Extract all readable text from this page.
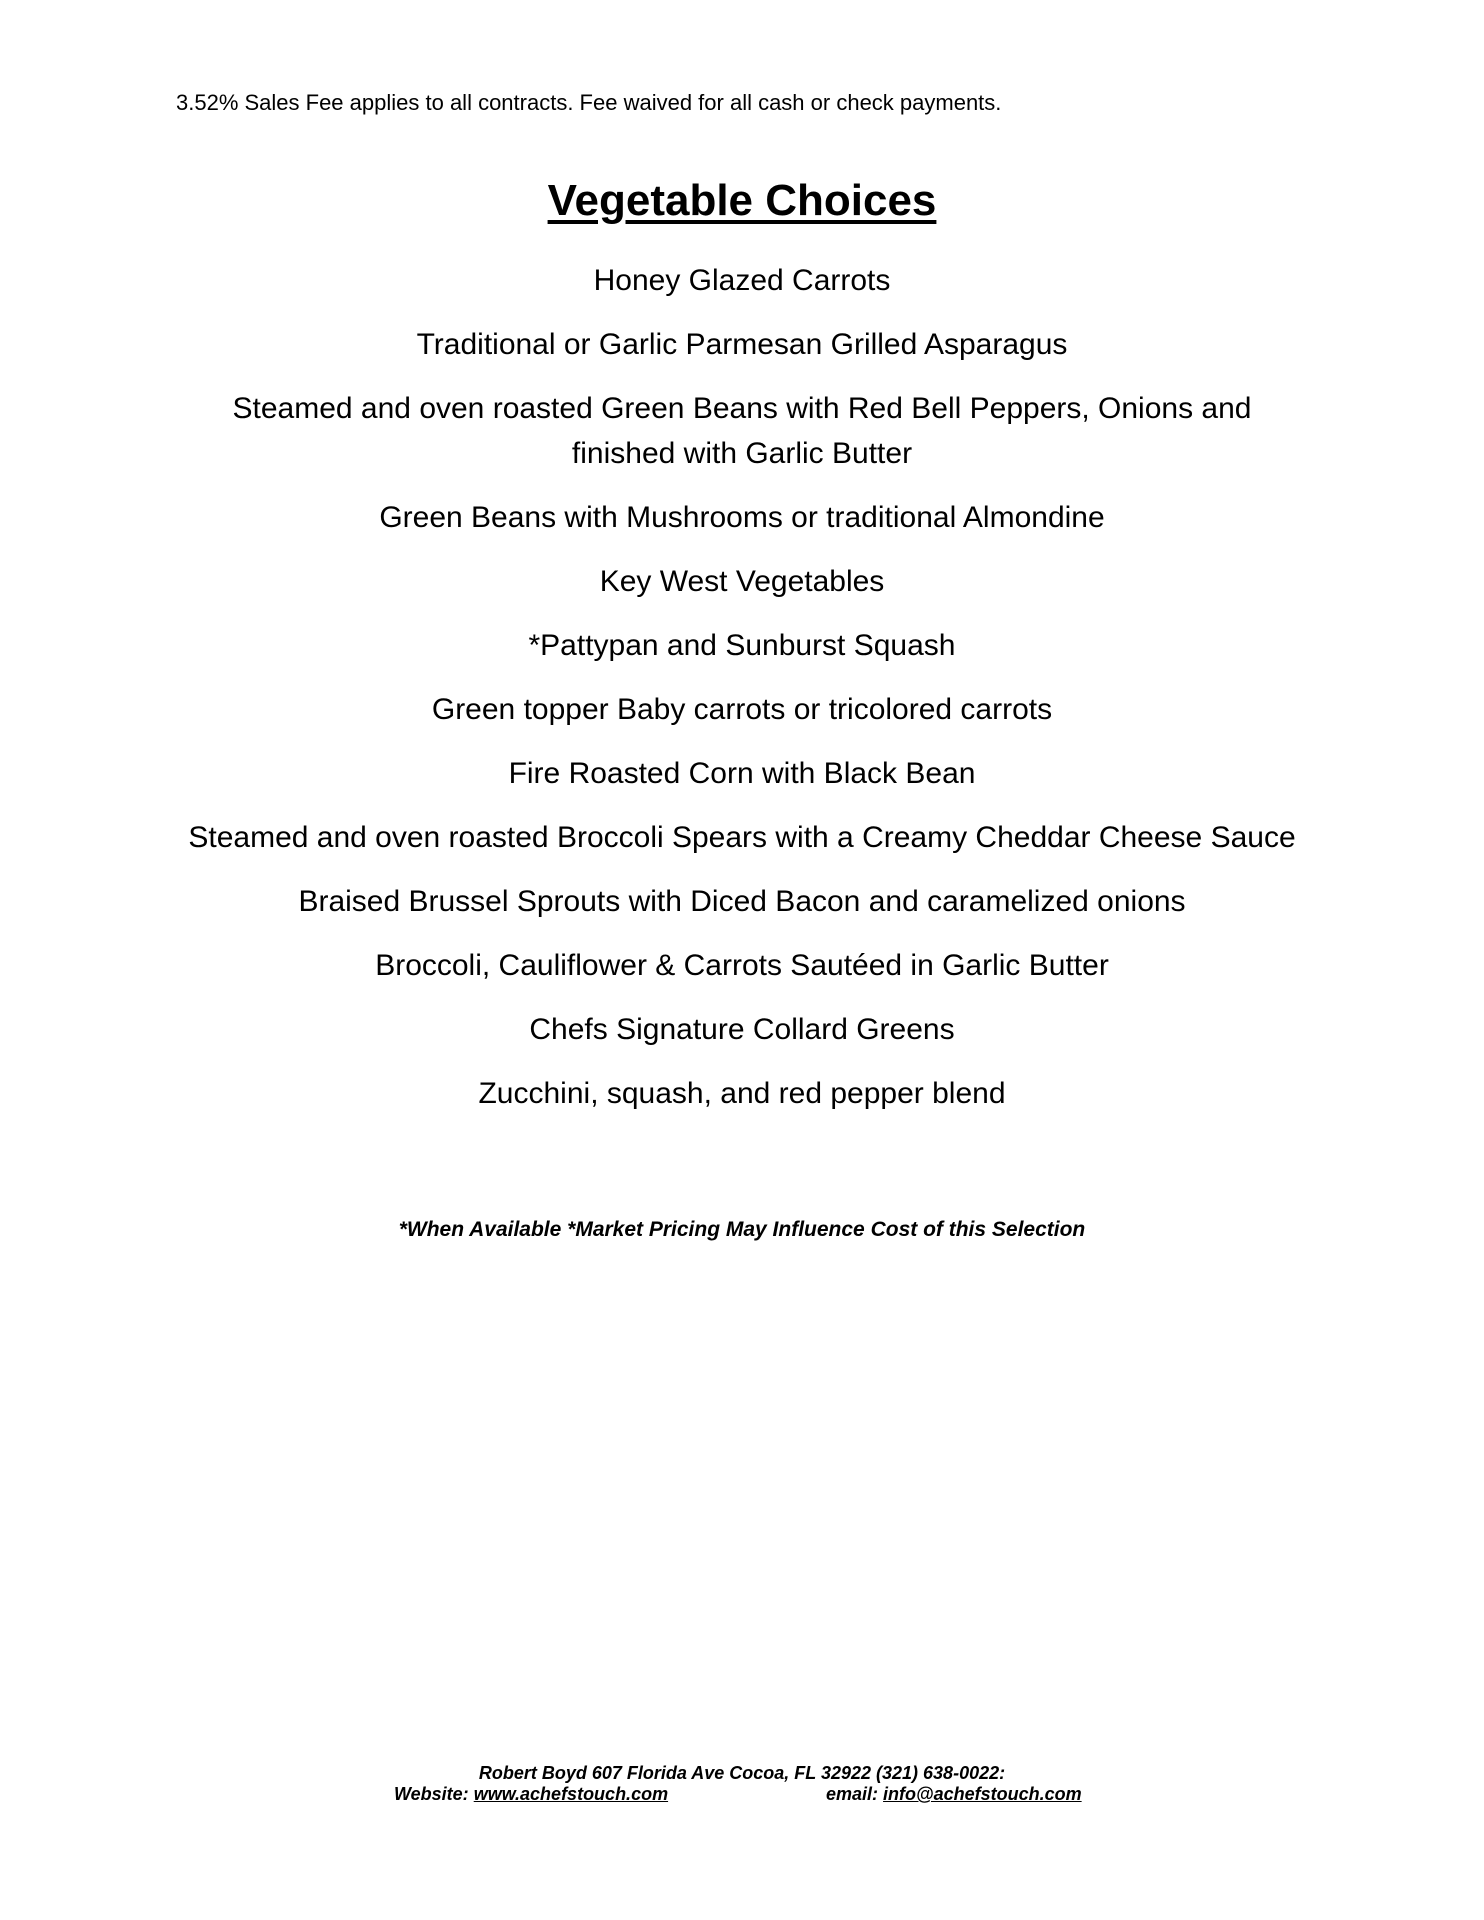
3.52% Sales Fee applies to all contracts. Fee waived for all cash or check payments.
Vegetable Choices
Honey Glazed Carrots
Traditional or Garlic Parmesan Grilled Asparagus
Steamed and oven roasted Green Beans with Red Bell Peppers, Onions and finished with Garlic Butter
Green Beans with Mushrooms or traditional Almondine
Key West Vegetables
*Pattypan and Sunburst Squash
Green topper Baby carrots or tricolored carrots
Fire Roasted Corn with Black Bean
Steamed and oven roasted Broccoli Spears with a Creamy Cheddar Cheese Sauce
Braised Brussel Sprouts with Diced Bacon and caramelized onions
Broccoli, Cauliflower & Carrots Sautéed in Garlic Butter
Chefs Signature Collard Greens
Zucchini, squash, and red pepper blend
*When Available *Market Pricing May Influence Cost of this Selection
Robert Boyd 607 Florida Ave Cocoa, FL 32922 (321) 638-0022:
Website: www.achefstouch.com	email: info@achefstouch.com
